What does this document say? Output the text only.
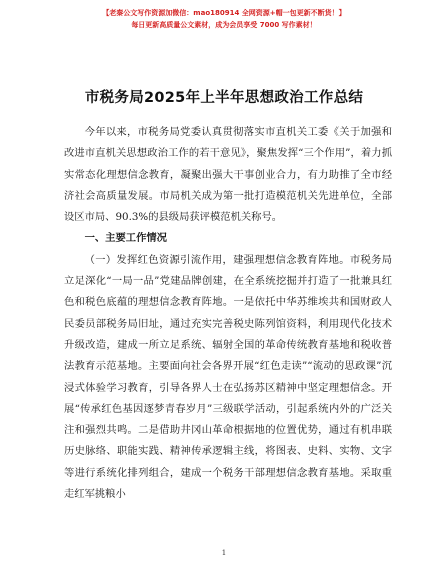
【老秦公文写作资源加微信：mao180914 全网资源+帽一包更新不断货！】
每日更新高质量公文素材，成为会员享受 7000 写作素材！
市税务局2025年上半年思想政治工作总结

今年以来，市税务局党委认真贯彻落实市直机关工委《关于加强和改进市直机关思想政治工作的若干意见》，聚焦发挥“三个作用”，着力抓实常态化理想信念教育，凝聚出强大干事创业合力，有力助推了全市经济社会高质量发展。市局机关成为第一批打造模范机关先进单位，全部设区市局、90.3%的县级局获评模范机关称号。

一、主要工作情况

（一）发挥红色资源引流作用，建强理想信念教育阵地。市税务局立足深化“一局一品”党建品牌创建，在全系统挖掘并打造了一批兼具红色和税色底蕴的理想信念教育阵地。一是依托中华苏维埃共和国财政人民委员部税务局旧址，通过充实完善税史陈列馆资料，利用现代化技术升级改造，建成一所立足系统、辐射全国的革命传统教育基地和税收普法教育示范基地。主要面向社会各界开展“红色走读”“流动的思政课”沉浸式体验学习教育，引导各界人士在弘扬苏区精神中坚定理想信念。开展“传承红色基因逐梦青春岁月”三级联学活动，引起系统内外的广泛关注和强烈共鸣。二是借助井冈山革命根据地的位置优势，通过有机串联历史脉络、职能实践、精神传承逻辑主线，将图表、史料、实物、文字等进行系统化排列组合，建成一个税务干部理想信念教育基地。采取重走红军挑粮小

1
